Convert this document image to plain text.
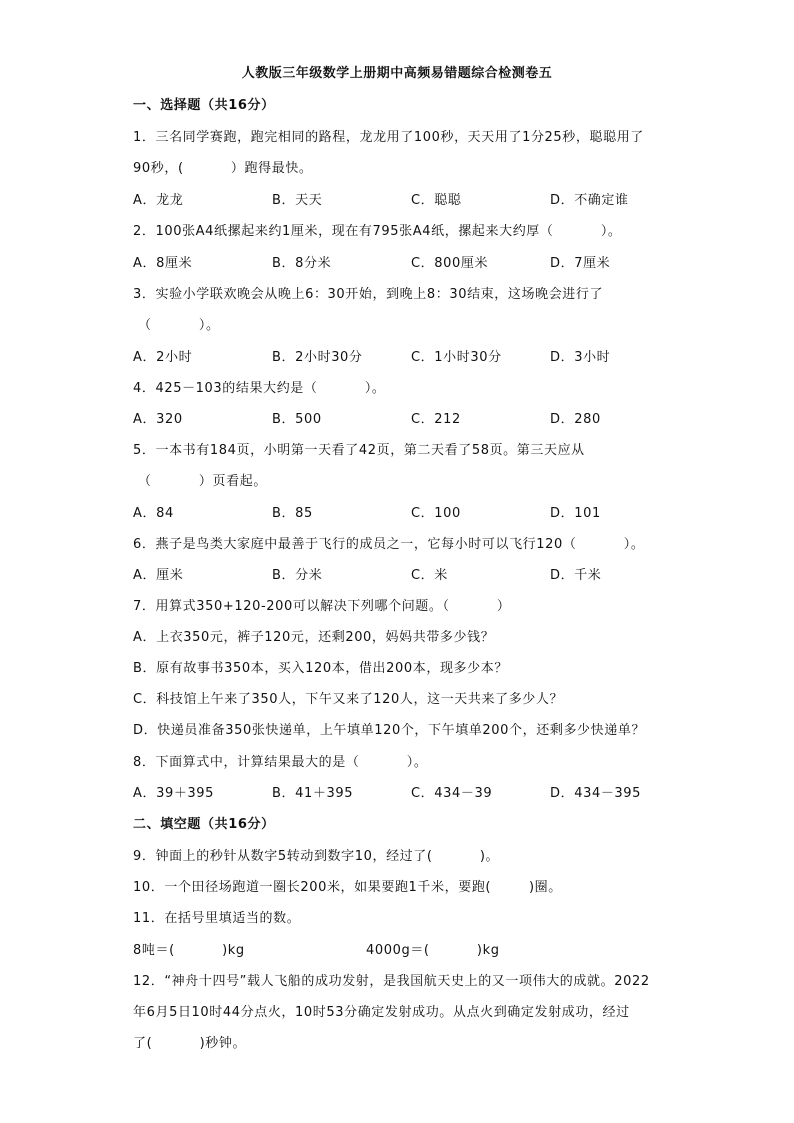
人教版三年级数学上册期中高频易错题综合检测卷五
一、选择题（共16分）
1．三名同学赛跑，跑完相同的路程，龙龙用了100秒，天天用了1分25秒，聪聪用了
90秒，(          ）跑得最快。
A．龙龙	B．天天	C．聪聪	D．不确定谁
2．100张A4纸摞起来约1厘米，现在有795张A4纸，摞起来大约厚（          ）。
A．8厘米	B．8分米	C．800厘米	D．7厘米
3．实验小学联欢晚会从晚上6：30开始，到晚上8：30结束，这场晚会进行了
（          ）。
A．2小时	B．2小时30分	C．1小时30分	D．3小时
4．425－103的结果大约是（          ）。
A．320	B．500	C．212	D．280
5．一本书有184页，小明第一天看了42页，第二天看了58页。第三天应从
（          ）页看起。
A．84	B．85	C．100	D．101
6．燕子是鸟类大家庭中最善于飞行的成员之一，它每小时可以飞行120（          ）。
A．厘米	B．分米	C．米	D．千米
7．用算式350+120-200可以解决下列哪个问题。（          ）
A．上衣350元，裤子120元，还剩200，妈妈共带多少钱？
B．原有故事书350本，买入120本，借出200本，现多少本？
C．科技馆上午来了350人，下午又来了120人，这一天共来了多少人？
D．快递员准备350张快递单，上午填单120个，下午填单200个，还剩多少快递单？
8．下面算式中，计算结果最大的是（          ）。
A．39＋395	B．41＋395	C．434－39	D．434－395
二、填空题（共16分）
9．钟面上的秒针从数字5转动到数字10，经过了(          )。
10．一个田径场跑道一圈长200米，如果要跑1千米，要跑(        )圈。
11．在括号里填适当的数。
8吨＝(          )kg	4000g＝(          )kg
12．“神舟十四号”载人飞船的成功发射，是我国航天史上的又一项伟大的成就。2022
年6月5日10时44分点火，10时53分确定发射成功。从点火到确定发射成功，经过
了(          )秒钟。
